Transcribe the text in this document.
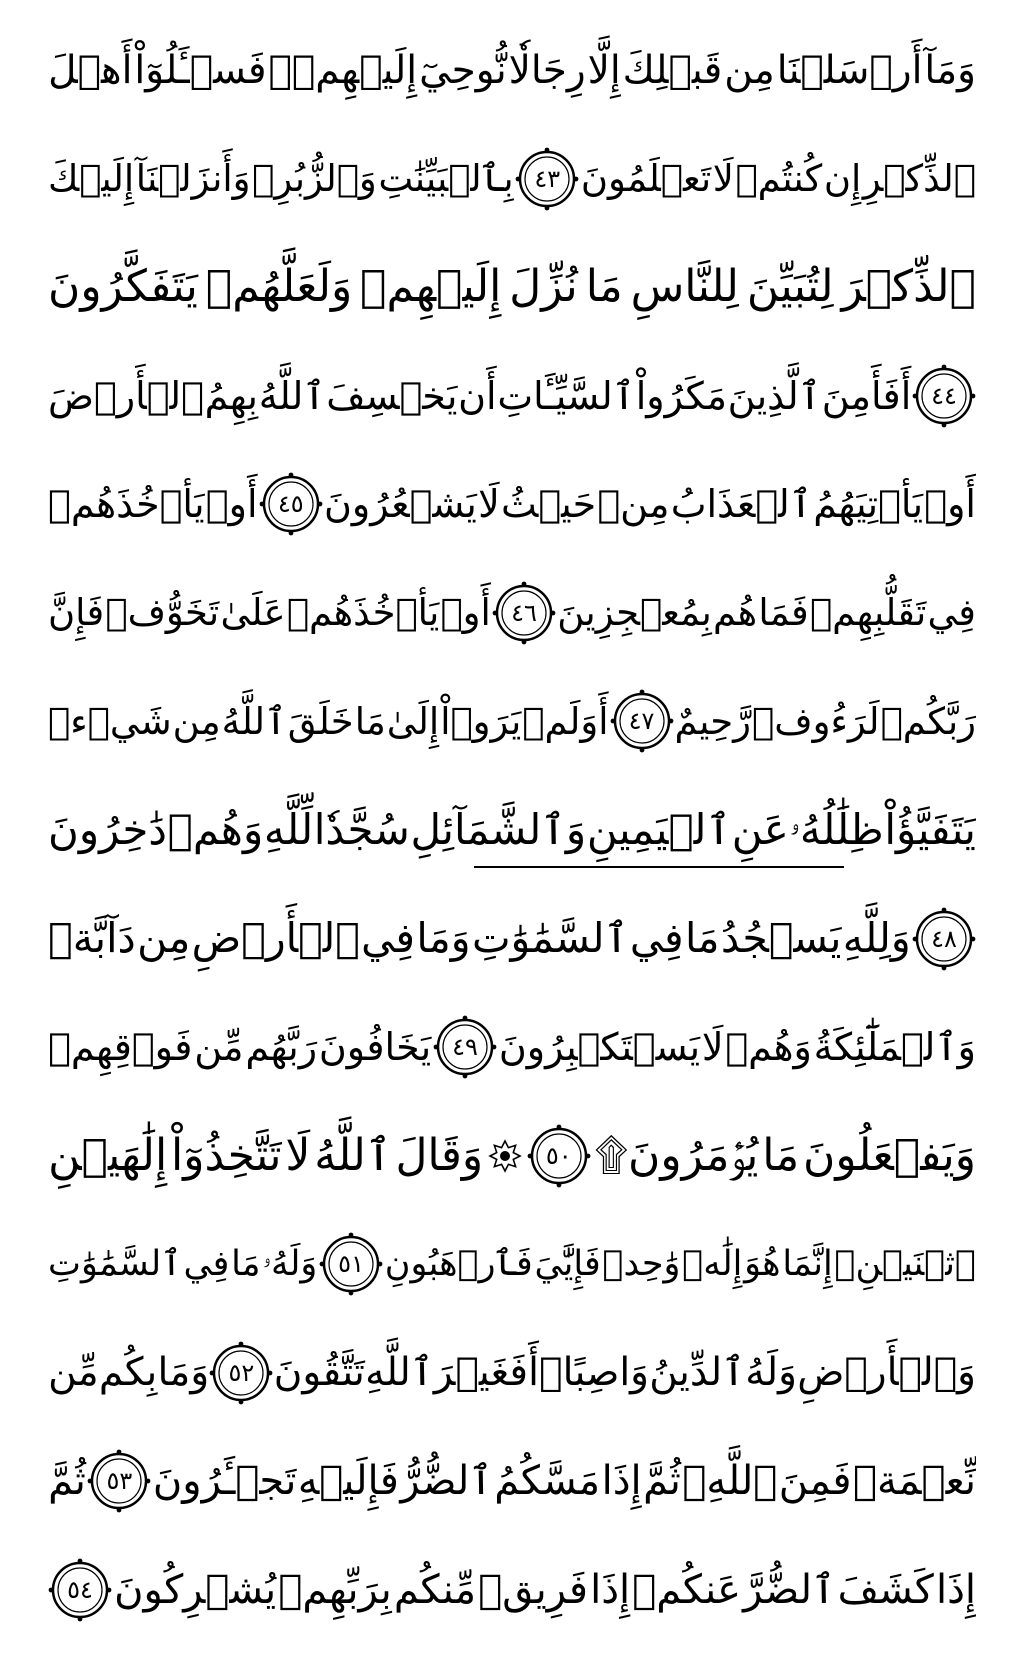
وَمَآ
أَرۡسَلۡنَا
مِن
قَبۡلِكَ
إِلَّا
رِجَالٗا
نُّوحِيٓ
إِلَيۡهِمۡۚ
فَسۡـَٔلُوٓاْ
أَهۡلَ
ٱلذِّكۡرِ
إِن
كُنتُمۡ
لَا
تَعۡلَمُونَ
٤٣
بِٱلۡبَيِّنَٰتِ
وَٱلزُّبُرِۗ
وَأَنزَلۡنَآ
إِلَيۡكَ
ٱلذِّكۡرَ
لِتُبَيِّنَ
لِلنَّاسِ
مَا
نُزِّلَ
إِلَيۡهِمۡ
وَلَعَلَّهُمۡ
يَتَفَكَّرُونَ
٤٤
أَفَأَمِنَ
ٱلَّذِينَ
مَكَرُواْ
ٱلسَّيِّـَٔاتِ
أَن
يَخۡسِفَ
ٱللَّهُ
بِهِمُ
ٱلۡأَرۡضَ
أَوۡ
يَأۡتِيَهُمُ
ٱلۡعَذَابُ
مِنۡ
حَيۡثُ
لَا
يَشۡعُرُونَ
٤٥
أَوۡ
يَأۡخُذَهُمۡ
فِي
تَقَلُّبِهِمۡ
فَمَا
هُم
بِمُعۡجِزِينَ
٤٦
أَوۡ
يَأۡخُذَهُمۡ
عَلَىٰ
تَخَوُّفٖ
فَإِنَّ
رَبَّكُمۡ
لَرَءُوفٞ
رَّحِيمٌ
٤٧
أَوَلَمۡ
يَرَوۡاْ
إِلَىٰ
مَا
خَلَقَ
ٱللَّهُ
مِن
شَيۡءٖ
يَتَفَيَّؤُاْ
ظِلَٰلُهُۥ
عَنِ
ٱلۡيَمِينِ
وَٱلشَّمَآئِلِ
سُجَّدٗا
لِّلَّهِ
وَهُمۡ
دَٰخِرُونَ
٤٨
وَلِلَّهِ
يَسۡجُدُ
مَا
فِي
ٱلسَّمَٰوَٰتِ
وَمَا
فِي
ٱلۡأَرۡضِ
مِن
دَآبَّةٖ
وَٱلۡمَلَٰٓئِكَةُ
وَهُمۡ
لَا
يَسۡتَكۡبِرُونَ
٤٩
يَخَافُونَ
رَبَّهُم
مِّن
فَوۡقِهِمۡ
وَيَفۡعَلُونَ
مَا
يُؤۡمَرُونَ۩
٥٠
وَقَالَ
ٱللَّهُ
لَا
تَتَّخِذُوٓاْ
إِلَٰهَيۡنِ
ٱثۡنَيۡنِۖ
إِنَّمَا
هُوَ
إِلَٰهٞ
وَٰحِدٞ
فَإِيَّٰيَ
فَٱرۡهَبُونِ
٥١
وَلَهُۥ
مَا
فِي
ٱلسَّمَٰوَٰتِ
وَٱلۡأَرۡضِ
وَلَهُ
ٱلدِّينُ
وَاصِبًاۚ
أَفَغَيۡرَ
ٱللَّهِ
تَتَّقُونَ
٥٢
وَمَا
بِكُم
مِّن
نِّعۡمَةٖ
فَمِنَ
ٱللَّهِۖ
ثُمَّ
إِذَا
مَسَّكُمُ
ٱلضُّرُّ
فَإِلَيۡهِ
تَجۡـَٔرُونَ
٥٣
ثُمَّ
إِذَا
كَشَفَ
ٱلضُّرَّ
عَنكُمۡ
إِذَا
فَرِيقٞ
مِّنكُم
بِرَبِّهِمۡ
يُشۡرِكُونَ
٥٤
